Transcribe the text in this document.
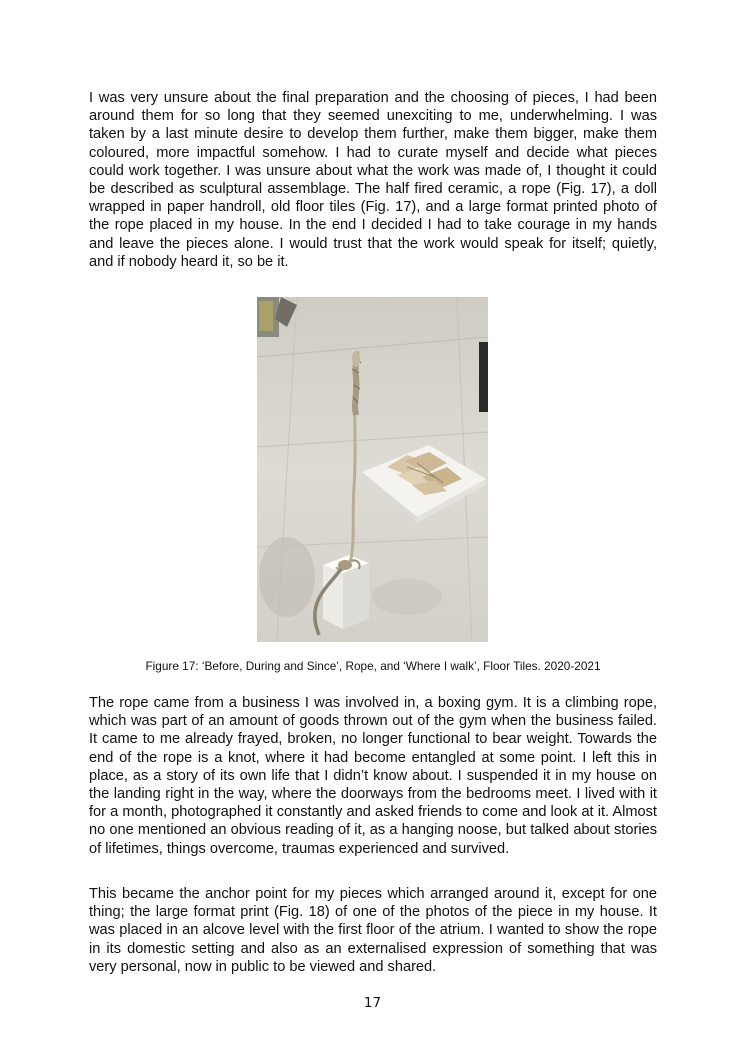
I was very unsure about the final preparation and the choosing of pieces, I had been around them for so long that they seemed unexciting to me, underwhelming. I was taken by a last minute desire to develop them further, make them bigger, make them coloured, more impactful somehow. I had to curate myself and decide what pieces could work together. I was unsure about what the work was made of, I thought it could be described as sculptural assemblage. The half fired ceramic, a rope (Fig. 17), a doll wrapped in paper handroll, old floor tiles (Fig. 17), and a large format printed photo of the rope placed in my house. In the end I decided I had to take courage in my hands and leave the pieces alone. I would trust that the work would speak for itself; quietly, and if nobody heard it, so be it.

Figure 17: ‘Before, During and Since’, Rope, and ‘Where I walk’, Floor Tiles. 2020-2021

The rope came from a business I was involved in, a boxing gym. It is a climbing rope, which was part of an amount of goods thrown out of the gym when the business failed. It came to me already frayed, broken, no longer functional to bear weight. Towards the end of the rope is a knot, where it had become entangled at some point. I left this in place, as a story of its own life that I didn’t know about. I suspended it in my house on the landing right in the way, where the doorways from the bedrooms meet. I lived with it for a month, photographed it constantly and asked friends to come and look at it. Almost no one mentioned an obvious reading of it, as a hanging noose, but talked about stories of lifetimes, things overcome, traumas experienced and survived.

This became the anchor point for my pieces which arranged around it, except for one thing; the large format print (Fig. 18) of one of the photos of the piece in my house. It was placed in an alcove level with the first floor of the atrium. I wanted to show the rope in its domestic setting and also as an externalised expression of something that was very personal, now in public to be viewed and shared.

17
